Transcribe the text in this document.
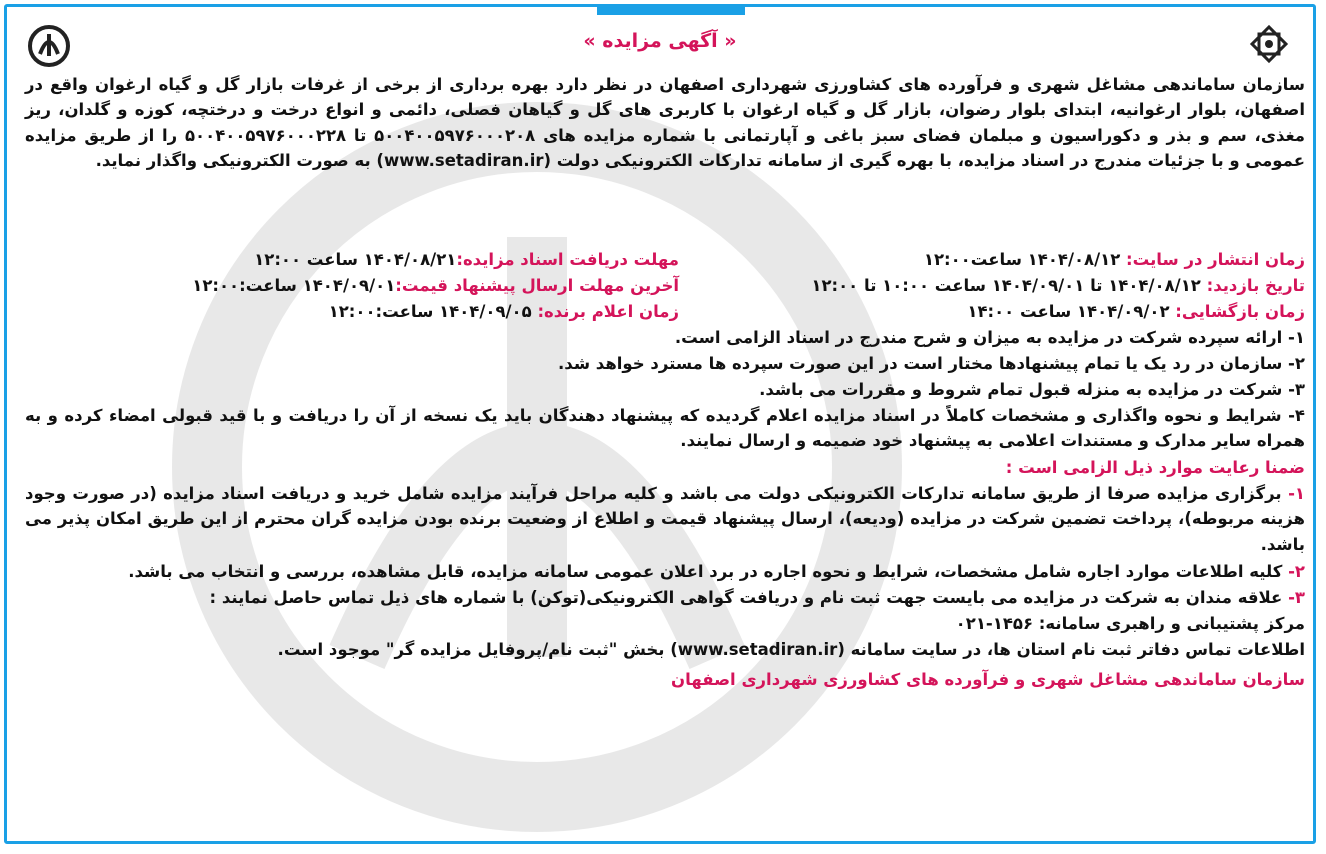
« آگهی مزایده »
سازمان ساماندهی مشاغل شهری و فرآورده های کشاورزی شهرداری اصفهان در نظر دارد بهره برداری از برخی از غرفات بازار گل و گیاه ارغوان واقع در اصفهان، بلوار ارغوانیه، ابتدای بلوار رضوان، بازار گل و گیاه ارغوان با کاربری های گل و گیاهان فصلی، دائمی و انواع درخت و درختچه، کوزه و گلدان، ریز مغذی، سم و بذر و دکوراسیون و مبلمان فضای سبز باغی و آپارتمانی با شماره مزایده های ۵۰۰۴۰۰۵۹۷۶۰۰۰۲۰۸ تا ۵۰۰۴۰۰۵۹۷۶۰۰۰۲۲۸ را از طریق مزایده عمومی و با جزئیات مندرج در اسناد مزایده، با بهره گیری از سامانه تدارکات الکترونیکی دولت (www.setadiran.ir) به صورت الکترونیکی واگذار نماید.
زمان انتشار در سایت: ۱۴۰۴/۰۸/۱۲ ساعت۱۲:۰۰
مهلت دریافت اسناد مزایده:۱۴۰۴/۰۸/۲۱ ساعت ۱۲:۰۰
تاریخ بازدید: ۱۴۰۴/۰۸/۱۲ تا ۱۴۰۴/۰۹/۰۱ ساعت ۱۰:۰۰ تا ۱۲:۰۰
آخرین مهلت ارسال پیشنهاد قیمت:۱۴۰۴/۰۹/۰۱ ساعت:۱۲:۰۰
زمان بازگشایی: ۱۴۰۴/۰۹/۰۲ ساعت ۱۴:۰۰
زمان اعلام برنده: ۱۴۰۴/۰۹/۰۵ ساعت:۱۲:۰۰
۱- ارائه سپرده شرکت در مزایده به میزان و شرح مندرج در اسناد الزامی است.
۲- سازمان در رد یک یا تمام پیشنهادها مختار است در این صورت سپرده ها مسترد خواهد شد.
۳- شرکت در مزایده به منزله قبول تمام شروط و مقررات می باشد.
۴- شرایط و نحوه واگذاری و مشخصات کاملاً در اسناد مزایده اعلام گردیده که پیشنهاد دهندگان باید یک نسخه از آن را دریافت و با قید قبولی امضاء کرده و به همراه سایر مدارک و مستندات اعلامی به پیشنهاد خود ضمیمه و ارسال نمایند.
ضمنا رعایت موارد ذیل الزامی است :
۱- برگزاری مزایده صرفا از طریق سامانه تدارکات الکترونیکی دولت می باشد و کلیه مراحل فرآیند مزایده شامل خرید و دریافت اسناد مزایده (در صورت وجود هزینه مربوطه)، پرداخت تضمین شرکت در مزایده (ودیعه)، ارسال پیشنهاد قیمت و اطلاع از وضعیت برنده بودن مزایده گران محترم از این طریق امکان پذیر می باشد.
۲- کلیه اطلاعات موارد اجاره شامل مشخصات، شرایط و نحوه اجاره در برد اعلان عمومی سامانه مزایده، قابل مشاهده، بررسی و انتخاب می باشد.
۳- علاقه مندان به شرکت در مزایده می بایست جهت ثبت نام و دریافت گواهی الکترونیکی(توکن) با شماره های ذیل تماس حاصل نمایند :
مرکز پشتیبانی و راهبری سامانه: ۱۴۵۶-۰۲۱
اطلاعات تماس دفاتر ثبت نام استان ها، در سایت سامانه (www.setadiran.ir) بخش "ثبت نام/پروفایل مزایده گر" موجود است.
سازمان ساماندهی مشاغل شهری و فرآورده های کشاورزی شهرداری اصفهان
